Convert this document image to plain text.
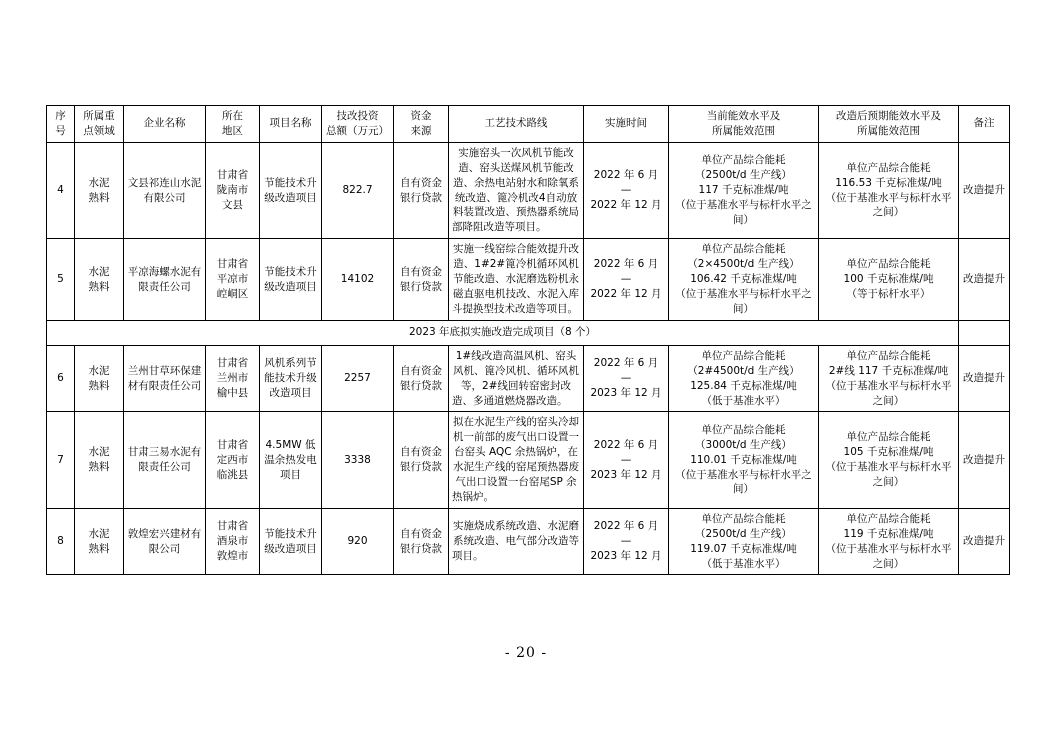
序
号	所属重
点领域	企业名称	所在
地区	项目名称	技改投资
总额（万元）	资金
来源	工艺技术路线	实施时间	当前能效水平及
所属能效范围	改造后预期能效水平及
所属能效范围	备注

4	水泥
熟料	文县祁连山水泥有限公司	甘肃省
陇南市
文县	节能技术升级改造项目	822.7	自有资金
银行贷款	实施窑头一次风机节能改造、窑头送煤风机节能改造、余热电站射水和除氧系统改造、篦冷机改4自动放料装置改造、预热器系统局部降阻改造等项目。	2022 年 6 月
—
2022 年 12 月	单位产品综合能耗
（2500t/d 生产线）
117 千克标准煤/吨
（位于基准水平与标杆水平之间）	单位产品综合能耗
116.53 千克标准煤/吨
（位于基准水平与标杆水平之间）	改造提升
5	水泥
熟料	平凉海螺水泥有限责任公司	甘肃省
平凉市
崆峒区	节能技术升级改造项目	14102	自有资金
银行贷款	实施一线窑综合能效提升改造、1#2#篦冷机循环风机节能改造、水泥磨选粉机永磁直驱电机技改、水泥入库斗提换型技术改造等项目。	2022 年 6 月
—
2022 年 12 月	单位产品综合能耗
（2×4500t/d 生产线）
106.42 千克标准煤/吨
（位于基准水平与标杆水平之间）	单位产品综合能耗
100 千克标准煤/吨
（等于标杆水平）	改造提升
2023 年底拟实施改造完成项目（8 个）											
6	水泥
熟料	兰州甘草环保建材有限责任公司	甘肃省
兰州市
榆中县	风机系列节能技术升级改造项目	2257	自有资金
银行贷款	1#线改造高温风机、窑头风机、篦冷风机、循环风机等，2#线回转窑密封改造、多通道燃烧器改造。	2022 年 6 月
—
2023 年 12 月	单位产品综合能耗
（2#4500t/d 生产线）
125.84 千克标准煤/吨
（低于基准水平）	单位产品综合能耗
2#线 117 千克标准煤/吨
（位于基准水平与标杆水平之间）	改造提升
7	水泥
熟料	甘肃三易水泥有限责任公司	甘肃省
定西市
临洮县	4.5MW 低温余热发电项目	3338	自有资金
银行贷款	拟在水泥生产线的窑头冷却机一前部的废气出口设置一台窑头 AQC 余热锅炉，在水泥生产线的窑尾预热器废气出口设置一台窑尾SP 余热锅炉。	2022 年 6 月
—
2023 年 12 月	单位产品综合能耗
（3000t/d 生产线）
110.01 千克标准煤/吨
（位于基准水平与标杆水平之间）	单位产品综合能耗
105 千克标准煤/吨
（位于基准水平与标杆水平之间）	改造提升
8	水泥
熟料	敦煌宏兴建材有限公司	甘肃省
酒泉市
敦煌市	节能技术升级改造项目	920	自有资金
银行贷款	实施烧成系统改造、水泥磨系统改造、电气部分改造等项目。	2022 年 6 月
—
2023 年 12 月	单位产品综合能耗
（2500t/d 生产线）
119.07 千克标准煤/吨
（低于基准水平）	单位产品综合能耗
119 千克标准煤/吨
（位于基准水平与标杆水平之间）	改造提升
- 20 -
